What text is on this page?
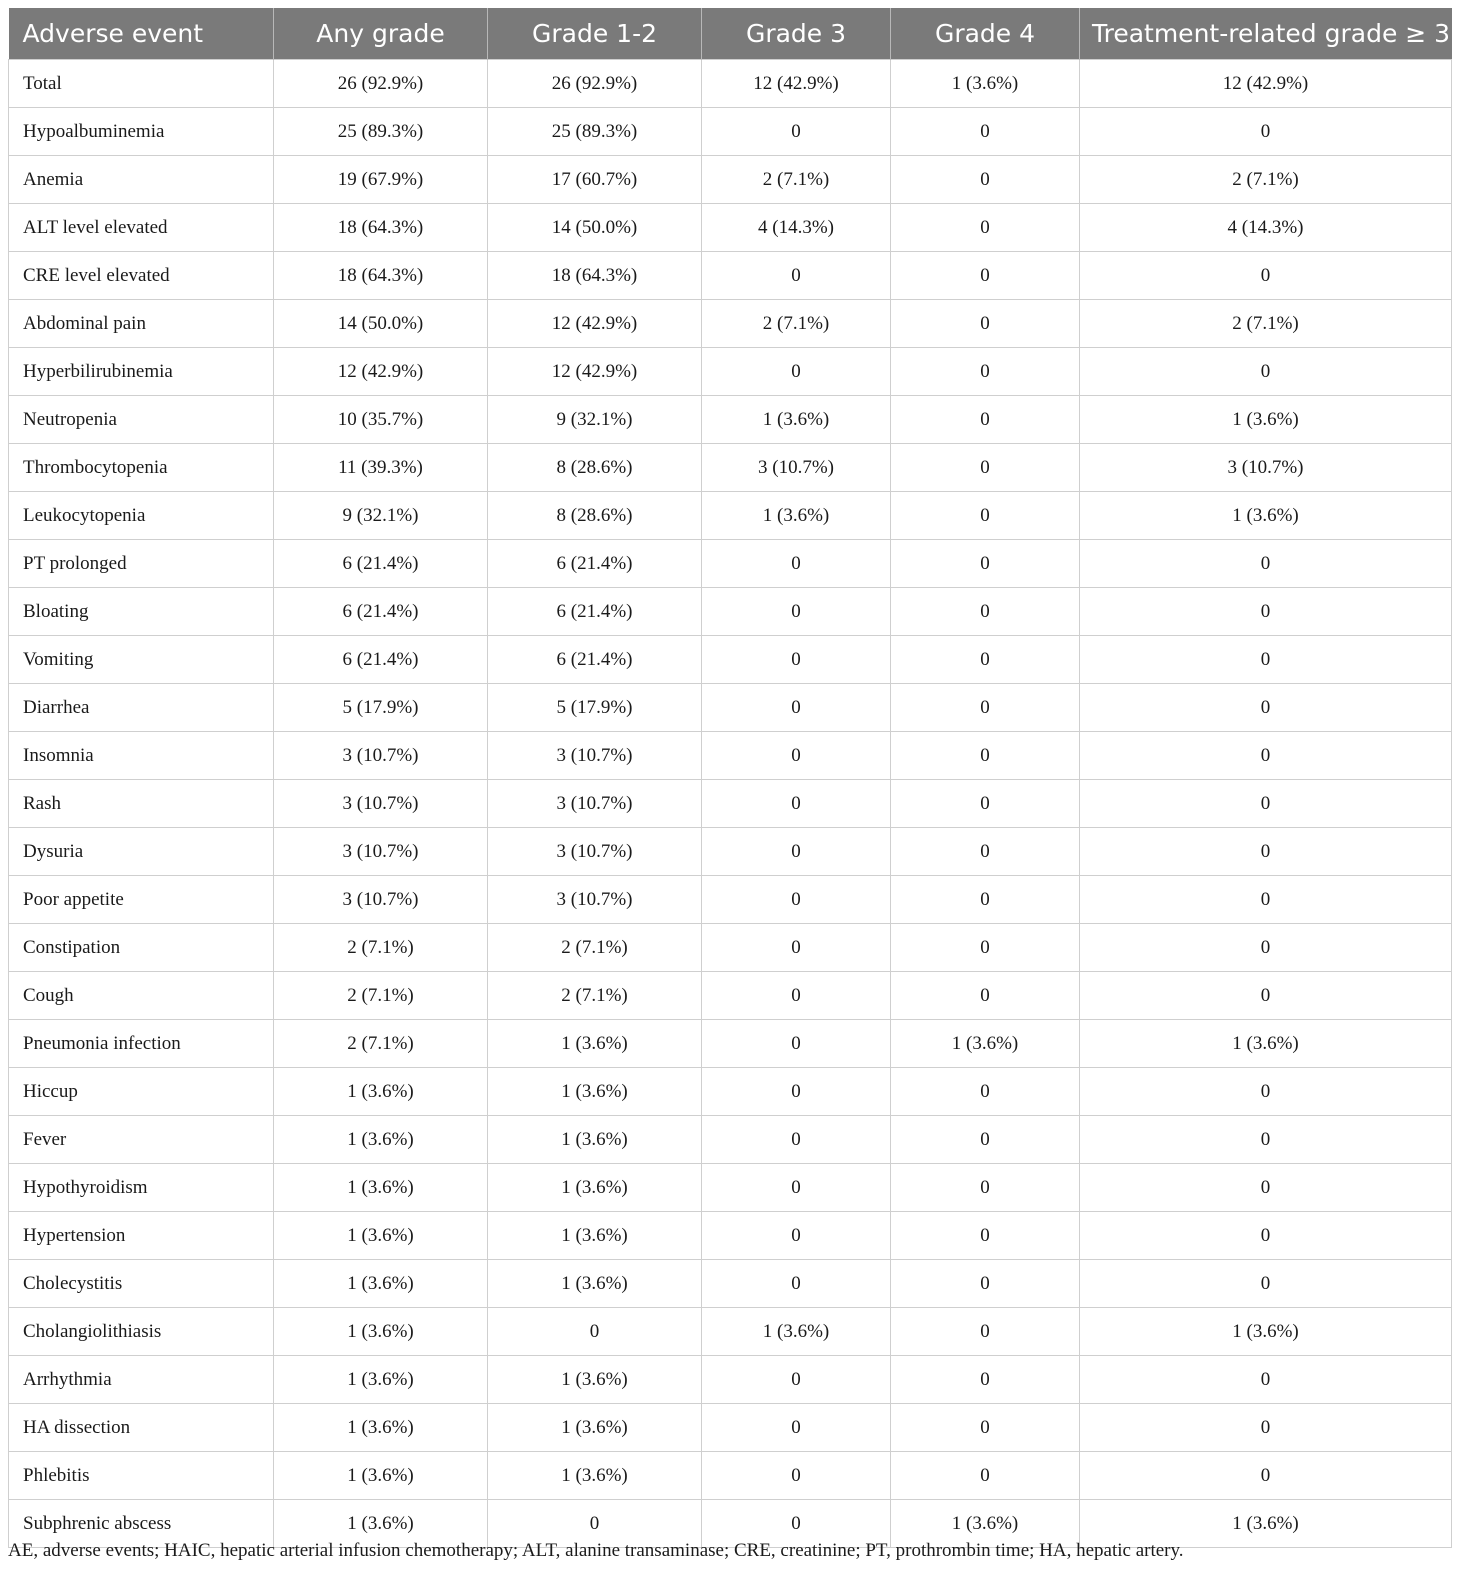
Adverse event	Any grade	Grade 1-2	Grade 3	Grade 4	Treatment-related grade ≥ 3
Total	26 (92.9%)	26 (92.9%)	12 (42.9%)	1 (3.6%)	12 (42.9%)
Hypoalbuminemia	25 (89.3%)	25 (89.3%)	0	0	0
Anemia	19 (67.9%)	17 (60.7%)	2 (7.1%)	0	2 (7.1%)
ALT level elevated	18 (64.3%)	14 (50.0%)	4 (14.3%)	0	4 (14.3%)
CRE level elevated	18 (64.3%)	18 (64.3%)	0	0	0
Abdominal pain	14 (50.0%)	12 (42.9%)	2 (7.1%)	0	2 (7.1%)
Hyperbilirubinemia	12 (42.9%)	12 (42.9%)	0	0	0
Neutropenia	10 (35.7%)	9 (32.1%)	1 (3.6%)	0	1 (3.6%)
Thrombocytopenia	11 (39.3%)	8 (28.6%)	3 (10.7%)	0	3 (10.7%)
Leukocytopenia	9 (32.1%)	8 (28.6%)	1 (3.6%)	0	1 (3.6%)
PT prolonged	6 (21.4%)	6 (21.4%)	0	0	0
Bloating	6 (21.4%)	6 (21.4%)	0	0	0
Vomiting	6 (21.4%)	6 (21.4%)	0	0	0
Diarrhea	5 (17.9%)	5 (17.9%)	0	0	0
Insomnia	3 (10.7%)	3 (10.7%)	0	0	0
Rash	3 (10.7%)	3 (10.7%)	0	0	0
Dysuria	3 (10.7%)	3 (10.7%)	0	0	0
Poor appetite	3 (10.7%)	3 (10.7%)	0	0	0
Constipation	2 (7.1%)	2 (7.1%)	0	0	0
Cough	2 (7.1%)	2 (7.1%)	0	0	0
Pneumonia infection	2 (7.1%)	1 (3.6%)	0	1 (3.6%)	1 (3.6%)
Hiccup	1 (3.6%)	1 (3.6%)	0	0	0
Fever	1 (3.6%)	1 (3.6%)	0	0	0
Hypothyroidism	1 (3.6%)	1 (3.6%)	0	0	0
Hypertension	1 (3.6%)	1 (3.6%)	0	0	0
Cholecystitis	1 (3.6%)	1 (3.6%)	0	0	0
Cholangiolithiasis	1 (3.6%)	0	1 (3.6%)	0	1 (3.6%)
Arrhythmia	1 (3.6%)	1 (3.6%)	0	0	0
HA dissection	1 (3.6%)	1 (3.6%)	0	0	0
Phlebitis	1 (3.6%)	1 (3.6%)	0	0	0
Subphrenic abscess	1 (3.6%)	0	0	1 (3.6%)	1 (3.6%)
AE, adverse events; HAIC, hepatic arterial infusion chemotherapy; ALT, alanine transaminase; CRE, creatinine; PT, prothrombin time; HA, hepatic artery.
